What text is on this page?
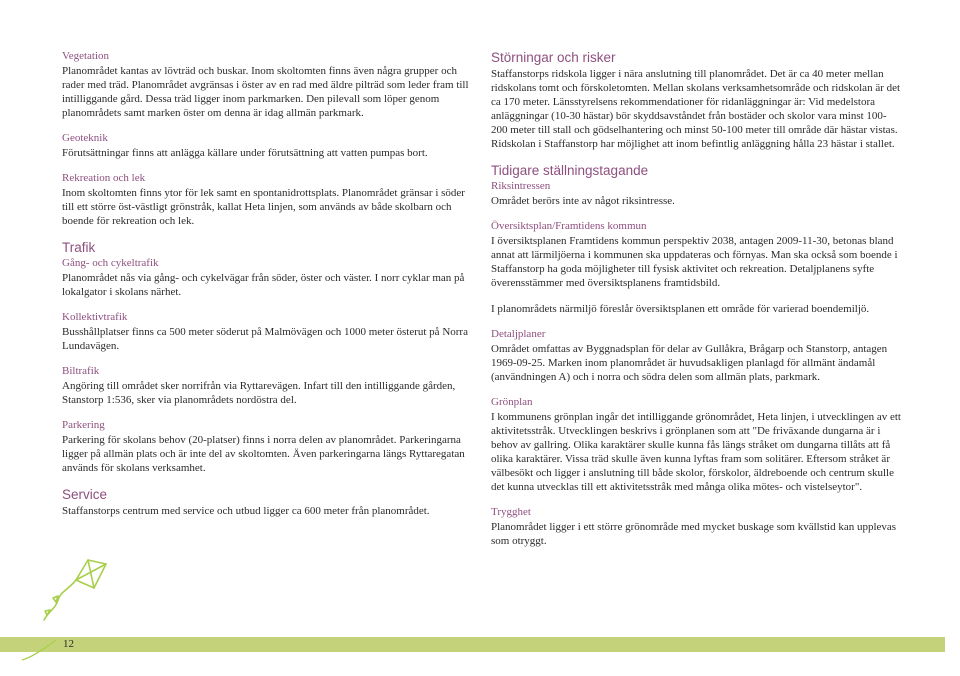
Vegetation

Planområdet kantas av lövträd och buskar. Inom skoltomten finns även några grupper och rader med träd. Planområdet avgränsas i öster av en rad med äldre pilträd som leder fram till intilliggande gård. Dessa träd ligger inom parkmarken. Den pilevall som löper genom planområdets samt marken öster om denna är idag allmän parkmark.

Geoteknik

Förutsättningar finns att anlägga källare under förutsättning att vatten pumpas bort.

Rekreation och lek

Inom skoltomten finns ytor för lek samt en spontanidrottsplats. Planområdet gränsar i söder till ett större öst-västligt grönstråk, kallat Heta linjen, som används av både skolbarn och boende för rekreation och lek.

Trafik
Gång- och cykeltrafik

Planområdet nås via gång- och cykelvägar från söder, öster och väster. I norr cyklar man på lokalgator i skolans närhet.

Kollektivtrafik

Busshållplatser finns ca 500 meter söderut på Malmövägen och 1000 meter österut på Norra Lundavägen.

Biltrafik

Angöring till området sker norrifrån via Ryttarevägen. Infart till den intilliggande gården, Stanstorp 1:536, sker via planområdets nordöstra del.

Parkering

Parkering för skolans behov (20-platser) finns i norra delen av planområdet. Parkeringarna ligger på allmän plats och är inte del av skoltomten. Även parkeringarna längs Ryttaregatan används för skolans verksamhet.

Service

Staffanstorps centrum med service och utbud ligger ca 600 meter från planområdet.

Störningar och risker

Staffanstorps ridskola ligger i nära anslutning till planområdet. Det är ca 40 meter mellan ridskolans tomt och förskoletomten. Mellan skolans verksamhetsområde och ridskolan är det ca 170 meter. Länsstyrelsens rekommendationer för ridanläggningar är: Vid medelstora anläggningar (10-30 hästar) bör skyddsavståndet från bostäder och skolor vara minst 100-200 meter till stall och gödselhantering och minst 50-100 meter till område där hästar vistas. Ridskolan i Staffanstorp har möjlighet att inom befintlig anläggning hålla 23 hästar i stallet.

Tidigare ställningstagande
Riksintressen

Området berörs inte av något riksintresse.

Översiktsplan/Framtidens kommun

I översiktsplanen Framtidens kommun perspektiv 2038, antagen 2009-11-30, betonas bland annat att lärmiljöerna i kommunen ska uppdateras och förnyas. Man ska också som boende i Staffanstorp ha goda möjligheter till fysisk aktivitet och rekreation. Detaljplanens syfte överensstämmer med översiktsplanens framtidsbild.

I planområdets närmiljö föreslår översiktsplanen ett område för varierad boendemiljö.

Detaljplaner

Området omfattas av Byggnadsplan för delar av Gullåkra, Brågarp och Stanstorp, antagen 1969-09-25. Marken inom planområdet är huvudsakligen planlagd för allmänt ändamål (användningen A) och i norra och södra delen som allmän plats, parkmark.

Grönplan

I kommunens grönplan ingår det intilliggande grönområdet, Heta linjen, i utvecklingen av ett aktivitetsstråk. Utvecklingen beskrivs i grönplanen som att "De friväxande dungarna är i behov av gallring. Olika karaktärer skulle kunna fås längs stråket om dungarna tillåts att få olika karaktärer. Vissa träd skulle även kunna lyftas fram som solitärer. Eftersom stråket är välbesökt och ligger i anslutning till både skolor, förskolor, äldreboende och centrum skulle det kunna utvecklas till ett aktivitetsstråk med många olika mötes- och vistelseytor".

Trygghet

Planområdet ligger i ett större grönområde med mycket buskage som kvällstid kan upplevas som otryggt.

12
